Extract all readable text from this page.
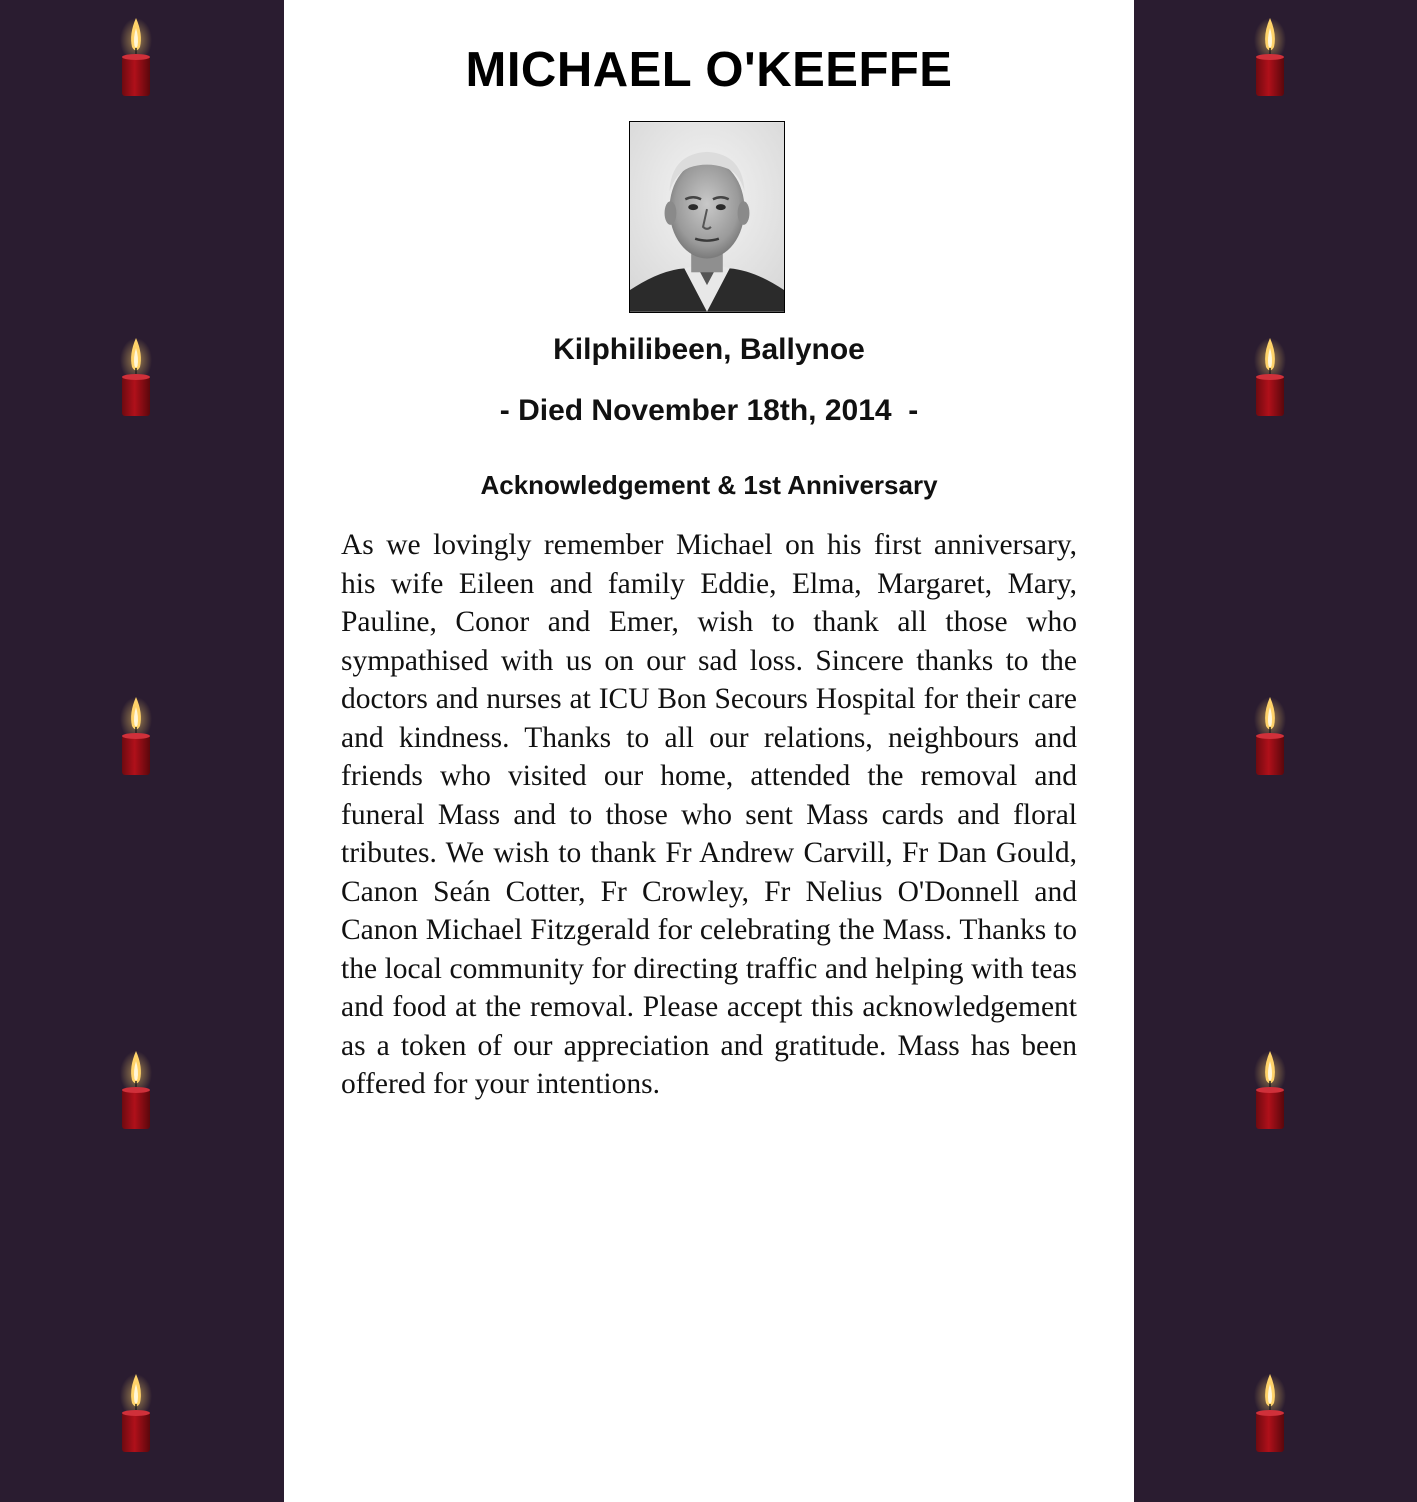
MICHAEL O'KEEFFE
Kilphilibeen, Ballynoe
- Died November 18th, 2014  -
Acknowledgement & 1st Anniversary

As we lovingly remember Michael on his first anniversary, his wife Eileen and family Eddie, Elma, Margaret, Mary, Pauline, Conor and Emer, wish to thank all those who sympathised with us on our sad loss. Sincere thanks to the doctors and nurses at ICU Bon Secours Hospital for their care and kindness. Thanks to all our relations, neighbours and friends who visited our home, attended the removal and funeral Mass and to those who sent Mass cards and floral tributes. We wish to thank Fr Andrew Carvill, Fr Dan Gould, Canon Seán Cotter, Fr Crowley, Fr Nelius O'Donnell and Canon Michael Fitzgerald for celebrating the Mass. Thanks to the local community for directing traffic and helping with teas and food at the removal. Please accept this acknowledgement as a token of our appreciation and gratitude. Mass has been offered for your intentions.
